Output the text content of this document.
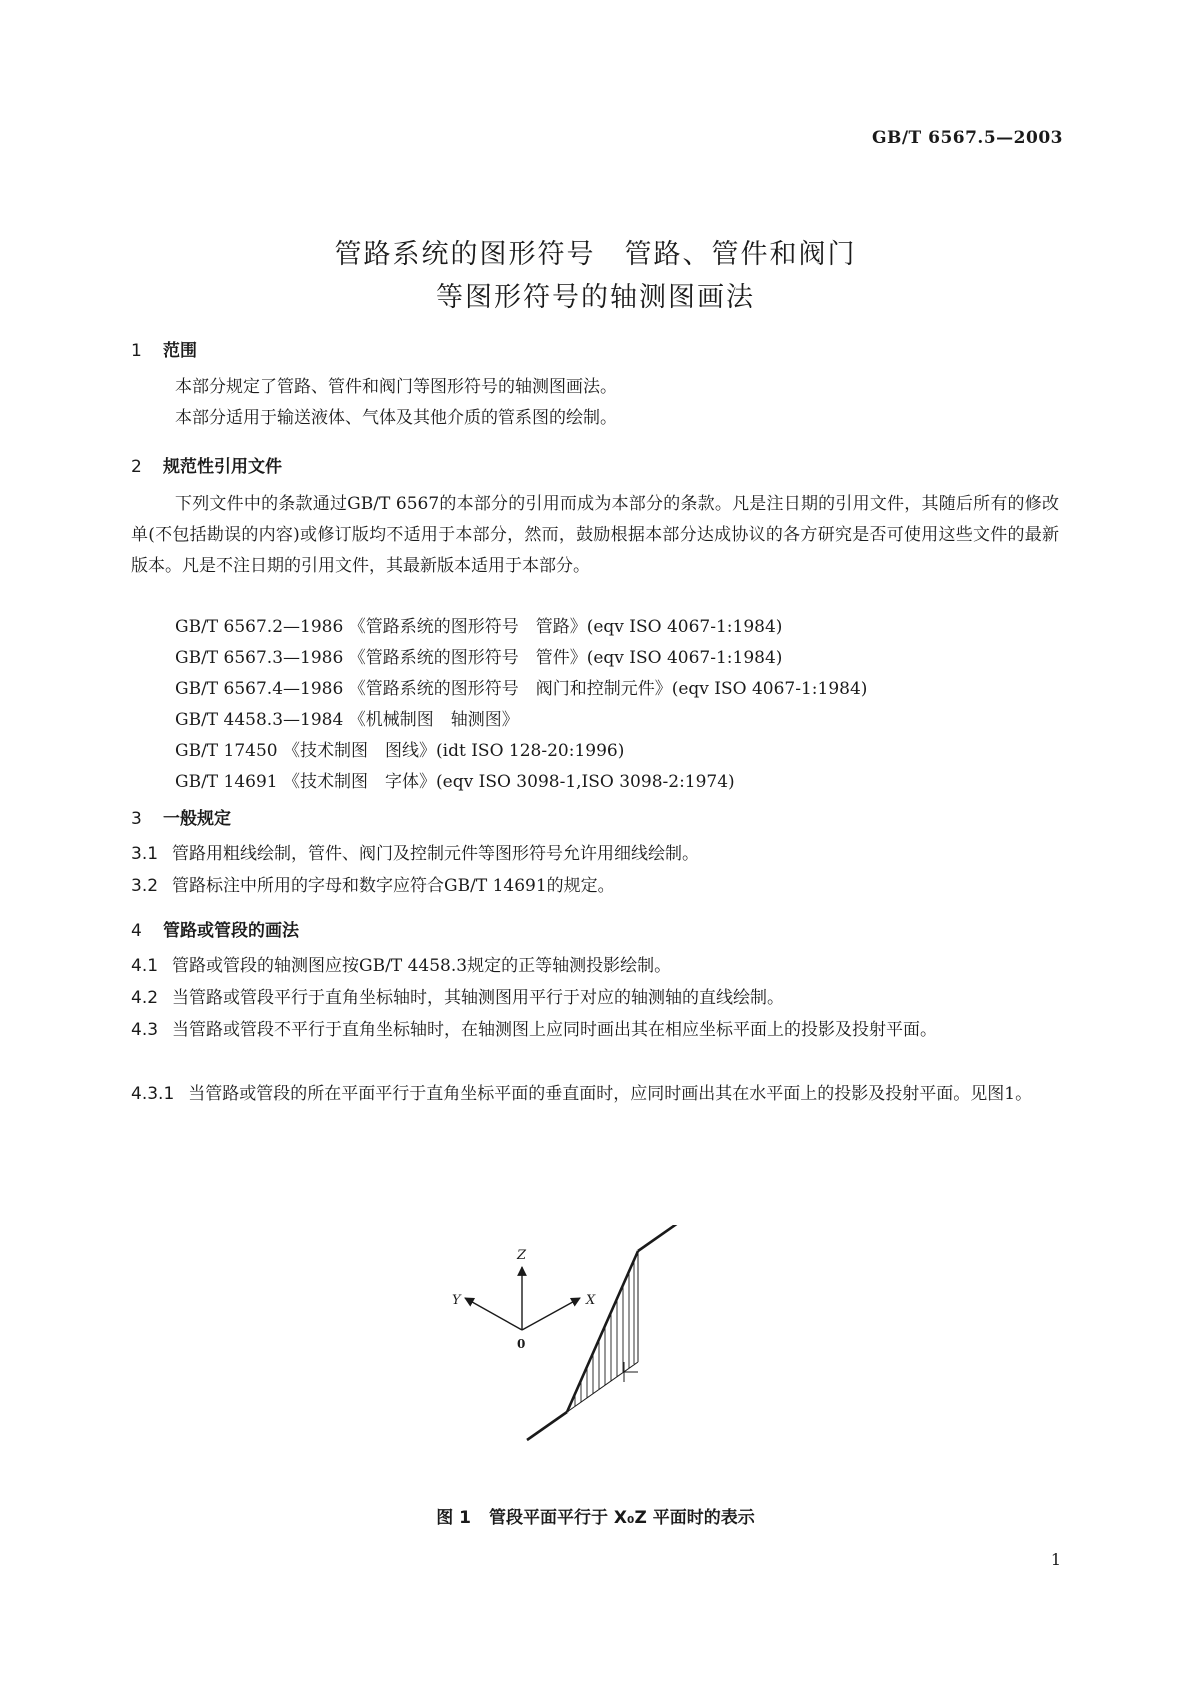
GB/T 6567.5—2003
管路系统的图形符号　管路、管件和阀门
等图形符号的轴测图画法
1 范围
本部分规定了管路、管件和阀门等图形符号的轴测图画法。
本部分适用于输送液体、气体及其他介质的管系图的绘制。
2 规范性引用文件
下列文件中的条款通过GB/T 6567的本部分的引用而成为本部分的条款。凡是注日期的引用文件，其随后所有的修改单(不包括勘误的内容)或修订版均不适用于本部分，然而，鼓励根据本部分达成协议的各方研究是否可使用这些文件的最新版本。凡是不注日期的引用文件，其最新版本适用于本部分。
GB/T 6567.2—1986 《管路系统的图形符号　管路》(eqv ISO 4067-1:1984)
GB/T 6567.3—1986 《管路系统的图形符号　管件》(eqv ISO 4067-1:1984)
GB/T 6567.4—1986 《管路系统的图形符号　阀门和控制元件》(eqv ISO 4067-1:1984)
GB/T 4458.3—1984 《机械制图　轴测图》
GB/T 17450 《技术制图　图线》(idt ISO 128-20:1996)
GB/T 14691 《技术制图　字体》(eqv ISO 3098-1,ISO 3098-2:1974)
3 一般规定
3.1 管路用粗线绘制，管件、阀门及控制元件等图形符号允许用细线绘制。
3.2 管路标注中所用的字母和数字应符合GB/T 14691的规定。
4 管路或管段的画法
4.1 管路或管段的轴测图应按GB/T 4458.3规定的正等轴测投影绘制。
4.2 当管路或管段平行于直角坐标轴时，其轴测图用平行于对应的轴测轴的直线绘制。
4.3 当管路或管段不平行于直角坐标轴时，在轴测图上应同时画出其在相应坐标平面上的投影及投射平面。
4.3.1 当管路或管段的所在平面平行于直角坐标平面的垂直面时，应同时画出其在水平面上的投影及投射平面。见图1。
Z
X
Y
0
图 1 管段平面平行于 X₀Z 平面时的表示
1
